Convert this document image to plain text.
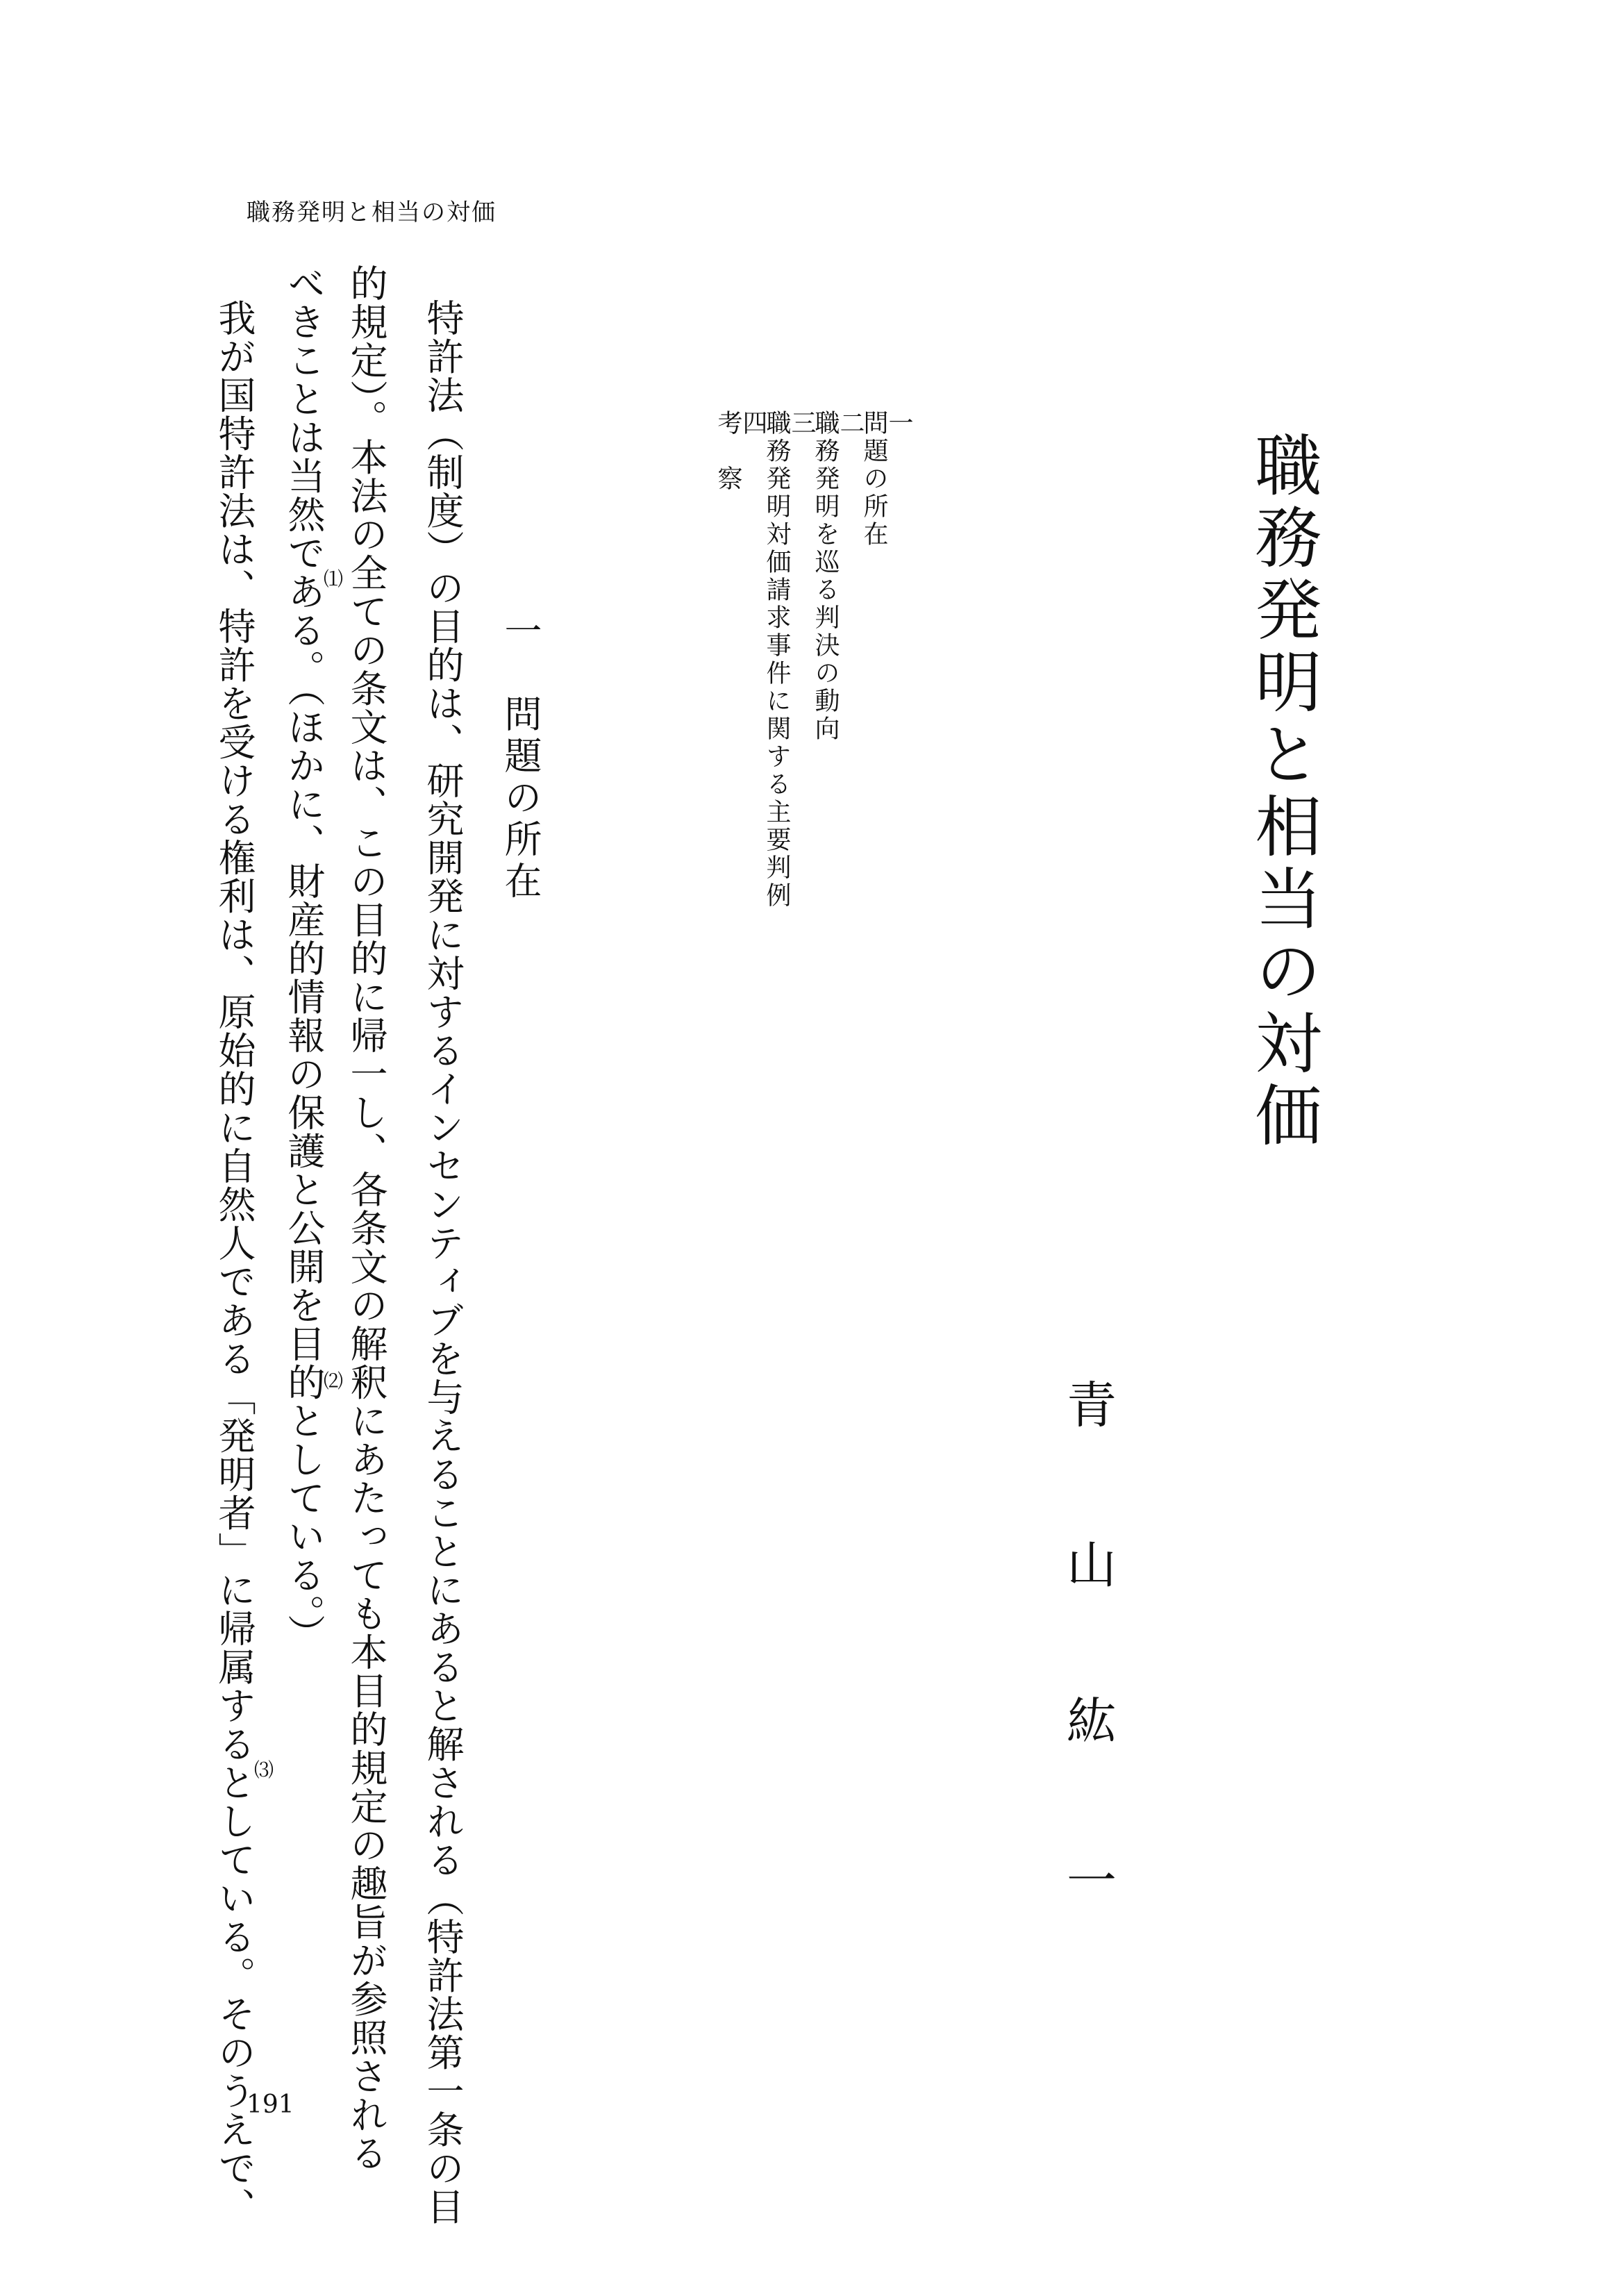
職務発明と相当の対価
職務発明と相当の対価
一
問題の所在
二
職務発明を巡る判決の動向
三
職務発明対価請求事件に関する主要判例
四
考　察
青
山
紘
一
一　問題の所在
特許法（制度）の目的は、研究開発に対するインセンティブを与えることにあると解される（特許法第一条の目
的規定）。本法の全ての条文は、この目的に帰一し、各条文の解釈にあたっても本目的規定の趣旨が参照される
べきことは当然である。（ほかに、財産的情報の保護と公開を目的としている。）
我が国特許法は、特許を受ける権利は、原始的に自然人である「発明者」に帰属するとしている。そのうえで、	⑴
⑵
⑶
191
